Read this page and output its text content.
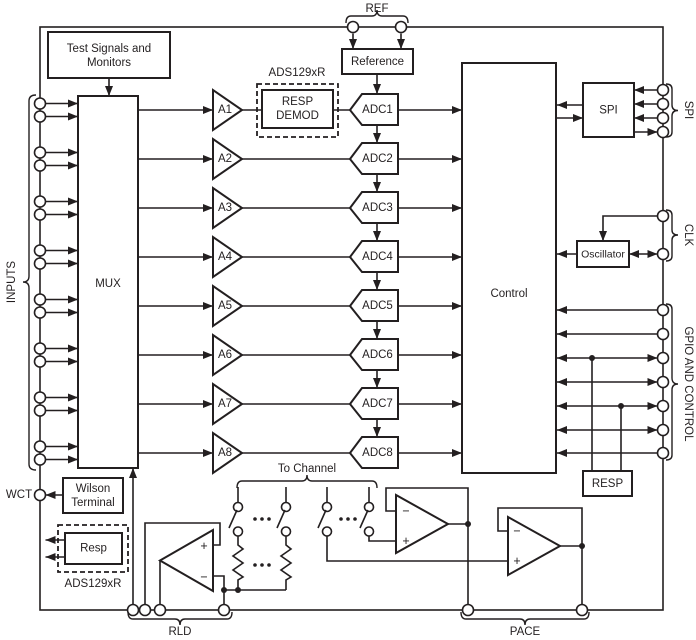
REF
Reference
Test Signals and
Monitors
MUX
INPUTS
A1
A2
A3
A4
A5
A6
A7
A8
ADS129xR
RESP
DEMOD	ADC1
ADC2
ADC3
ADC4
ADC5
ADC6
ADC7
ADC8
Control
SPI	SPI
Oscillator
CLK
GPIO AND CONTROL
RESP
WCT	Wilson
Terminal
Resp
ADS129xR
+
−
To Channel
−
+
−
+
RLD	PACE
